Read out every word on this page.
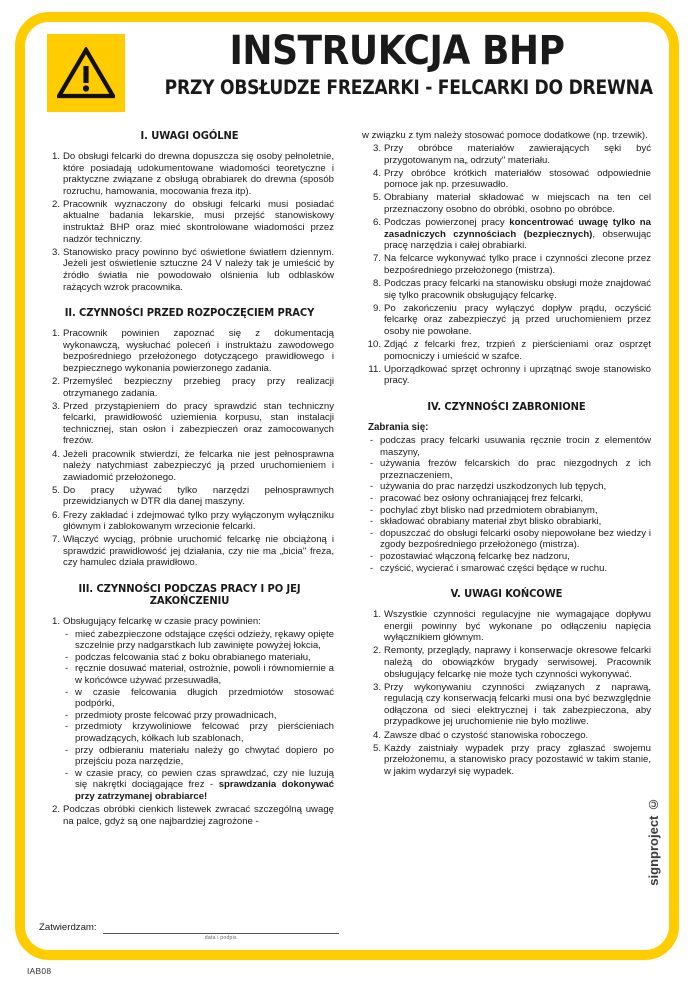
INSTRUKCJA BHP
PRZY OBSŁUDZE FREZARKI - FELCARKI DO DREWNA
I. UWAGI OGÓLNE
1. Do obsługi felcarki do drewna dopuszcza się osoby pełnoletnie, które posiadają udokumentowane wiadomości teoretyczne i praktyczne związane z obsługą obrabiarek do drewna (sposób rozruchu, hamowania, mocowania freza itp).
2. Pracownik wyznaczony do obsługi felcarki musi posiadać aktualne badania lekarskie, musi przejść stanowiskowy instruktaż BHP oraz mieć skontrolowane wiadomości przez nadzór techniczny.
3. Stanowisko pracy powinno być oświetlone światłem dziennym. Jeżeli jest oświetlenie sztuczne 24 V należy tak je umieścić by źródło światła nie powodowało olśnienia lub odblasków rażących wzrok pracownika.
II. CZYNNOŚCI PRZED ROZPOCZĘCIEM PRACY
1. Pracownik powinien zapoznać się z dokumentacją wykonawczą, wysłuchać poleceń i instruktażu zawodowego bezpośredniego przełożonego dotyczącego prawidłowego i bezpiecznego wykonania powierzonego zadania.
2. Przemyśleć bezpieczny przebieg pracy przy realizacji otrzymanego zadania.
3. Przed przystąpieniem do pracy sprawdzić stan techniczny felcarki, prawidłowość uziemienia korpusu, stan instalacji technicznej, stan osłon i zabezpieczeń oraz zamocowanych frezów.
4. Jeżeli pracownik stwierdzi, że felcarka nie jest pełnosprawna należy natychmiast zabezpieczyć ją przed uruchomieniem i zawiadomić przełożonego.
5. Do pracy używać tylko narzędzi pełnosprawnych przewidzianych w DTR dla danej maszyny.
6. Frezy zakładać i zdejmować tylko przy wyłączonym wyłączniku głównym i zablokowanym wrzecionie felcarki.
7. Włączyć wyciąg, próbnie uruchomić felcarkę nie obciążoną i sprawdzić prawidłowość jej działania, czy nie ma „bicia" freza, czy hamulec działa prawidłowo.
III. CZYNNOŚCI PODCZAS PRACY I PO JEJ ZAKOŃCZENIU
1. Obsługujący felcarkę w czasie pracy powinien:
- mieć zabezpieczone odstające części odzieży, rękawy opięte szczelnie przy nadgarstkach lub zawinięte powyżej łokcia,
- podczas felcowania stać z boku obrabianego materiału,
- ręcznie dosuwać materiał, ostrożnie, powoli i równomiernie a w końcówce używać przesuwadła,
- w czasie felcowania długich przedmiotów stosować podpórki,
- przedmioty proste felcować przy prowadnicach,
- przedmioty krzywoliniowe felcować przy pierścieniach prowadzących, kółkach lub szablonach,
- przy odbieraniu materiału należy go chwytać dopiero po przejściu poza narzędzie,
- w czasie pracy, co pewien czas sprawdzać, czy nie luzują się nakrętki dociągające frez - sprawdzania dokonywać przy zatrzymanej obrabiarce!
2. Podczas obróbki cienkich listewek zwracać szczególną uwagę na palce, gdyż są one najbardziej zagrożone -
w związku z tym należy stosować pomoce dodatkowe (np. trzewik).
3. Przy obróbce materiałów zawierających sęki być przygotowanym na„ odrzuty" materiału.
4. Przy obróbce krótkich materiałów stosować odpowiednie pomoce jak np. przesuwadło.
5. Obrabiany materiał składować w miejscach na ten cel przeznaczony osobno do obróbki, osobno po obróbce.
6. Podczas powierzonej pracy koncentrować uwagę tylko na zasadniczych czynnościach (bezpiecznych), obserwując pracę narzędzia i całej obrabiarki.
7. Na felcarce wykonywać tylko prace i czynności zlecone przez bezpośredniego przełożonego (mistrza).
8. Podczas pracy felcarki na stanowisku obsługi może znajdować się tylko pracownik obsługujący felcarkę.
9. Po zakończeniu pracy wyłączyć dopływ prądu, oczyścić felcarkę oraz zabezpieczyć ją przed uruchomieniem przez osoby nie powołane.
10. Zdjąć z felcarki frez, trzpień z pierścieniami oraz osprzęt pomocniczy i umieścić w szafce.
11. Uporządkować sprzęt ochronny i uprzątnąć swoje stanowisko pracy.
IV. CZYNNOŚCI ZABRONIONE
Zabrania się:
- podczas pracy felcarki usuwania ręcznie trocin z elementów maszyny,
- używania frezów felcarskich do prac niezgodnych z ich przeznaczeniem,
- używania do prac narzędzi uszkodzonych lub tępych,
- pracować bez osłony ochraniającej frez felcarki,
- pochylać zbyt blisko nad przedmiotem obrabianym,
- składować obrabiany materiał zbyt blisko obrabiarki,
- dopuszczać do obsługi felcarki osoby niepowołane bez wiedzy i zgody bezpośredniego przełożonego (mistrza).
- pozostawiać włączoną felcarkę bez nadzoru,
- czyścić, wycierać i smarować części będące w ruchu.
V. UWAGI KOŃCOWE
1. Wszystkie czynności regulacyjne nie wymagające dopływu energii powinny być wykonane po odłączeniu napięcia wyłącznikiem głównym.
2. Remonty, przeglądy, naprawy i konserwacje okresowe felcarki należą do obowiązków brygady serwisowej. Pracownik obsługujący felcarkę nie może tych czynności wykonywać.
3. Przy wykonywaniu czynności związanych z naprawą, regulacją czy konserwacją felcarki musi ona być bezwzględnie odłączona od sieci elektrycznej i tak zabezpieczona, aby przypadkowe jej uruchomienie nie było możliwe.
4. Zawsze dbać o czystość stanowiska roboczego.
5. Każdy zaistniały wypadek przy pracy zgłaszać swojemu przełożonemu, a stanowisko pracy pozostawić w takim stanie, w jakim wydarzył się wypadek.
Zatwierdzam:
data i podpis
signproject ©
IAB08
